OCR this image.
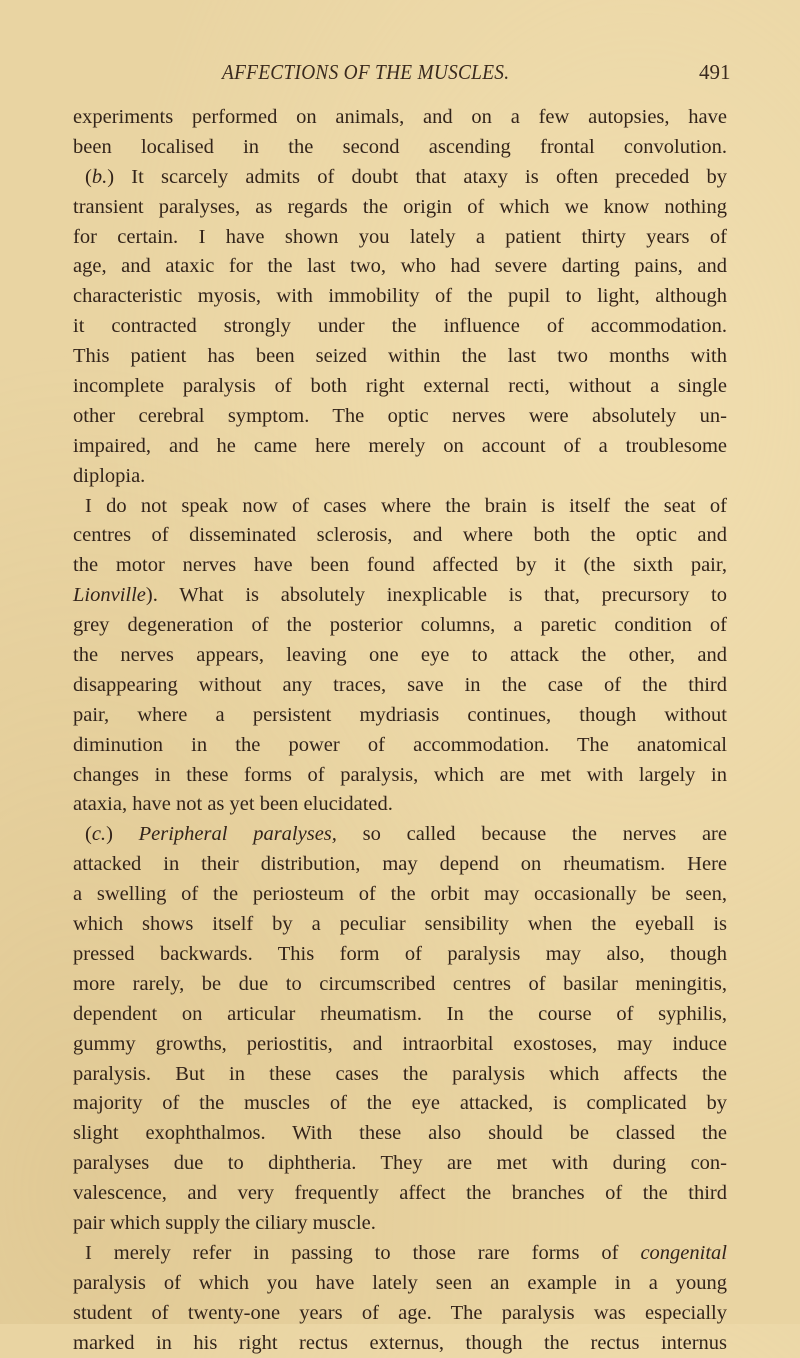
AFFECTIONS OF THE MUSCLES.	491
experiments performed on animals, and on a few autopsies, have
been localised in the second ascending frontal convolution.
(b.) It scarcely admits of doubt that ataxy is often preceded by
transient paralyses, as regards the origin of which we know nothing
for certain. I have shown you lately a patient thirty years of
age, and ataxic for the last two, who had severe darting pains, and
characteristic myosis, with immobility of the pupil to light, although
it contracted strongly under the influence of accommodation.
This patient has been seized within the last two months with
incomplete paralysis of both right external recti, without a single
other cerebral symptom. The optic nerves were absolutely un-
impaired, and he came here merely on account of a troublesome
diplopia.
I do not speak now of cases where the brain is itself the seat of
centres of disseminated sclerosis, and where both the optic and
the motor nerves have been found affected by it (the sixth pair,
Lionville). What is absolutely inexplicable is that, precursory to
grey degeneration of the posterior columns, a paretic condition of
the nerves appears, leaving one eye to attack the other, and
disappearing without any traces, save in the case of the third
pair, where a persistent mydriasis continues, though without
diminution in the power of accommodation. The anatomical
changes in these forms of paralysis, which are met with largely in
ataxia, have not as yet been elucidated.
(c.) Peripheral paralyses, so called because the nerves are
attacked in their distribution, may depend on rheumatism. Here
a swelling of the periosteum of the orbit may occasionally be seen,
which shows itself by a peculiar sensibility when the eyeball is
pressed backwards. This form of paralysis may also, though
more rarely, be due to circumscribed centres of basilar meningitis,
dependent on articular rheumatism. In the course of syphilis,
gummy growths, periostitis, and intraorbital exostoses, may induce
paralysis. But in these cases the paralysis which affects the
majority of the muscles of the eye attacked, is complicated by
slight exophthalmos. With these also should be classed the
paralyses due to diphtheria. They are met with during con-
valescence, and very frequently affect the branches of the third
pair which supply the ciliary muscle.
I merely refer in passing to those rare forms of congenital
paralysis of which you have lately seen an example in a young
student of twenty-one years of age. The paralysis was especially
marked in his right rectus externus, though the rectus internus
